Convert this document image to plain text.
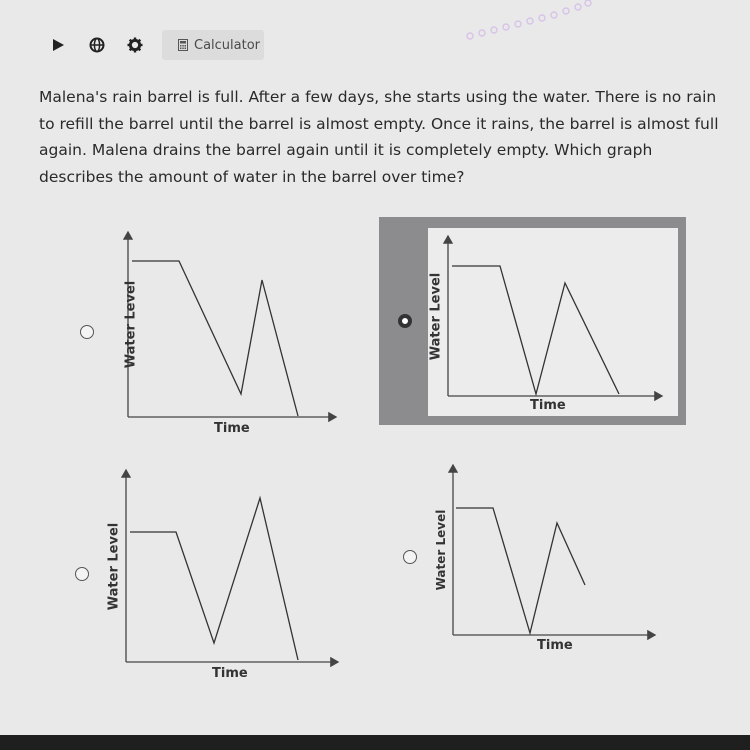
Calculator
Malena's rain barrel is full. After a few days, she starts using the water. There is no rain to refill the barrel until the barrel is almost empty. Once it rains, the barrel is almost full again. Malena drains the barrel again until it is completely empty. Which graph describes the amount of water in the barrel over time?
Water Level
Time
Water Level
Time
Water Level
Time
Water Level
Time
